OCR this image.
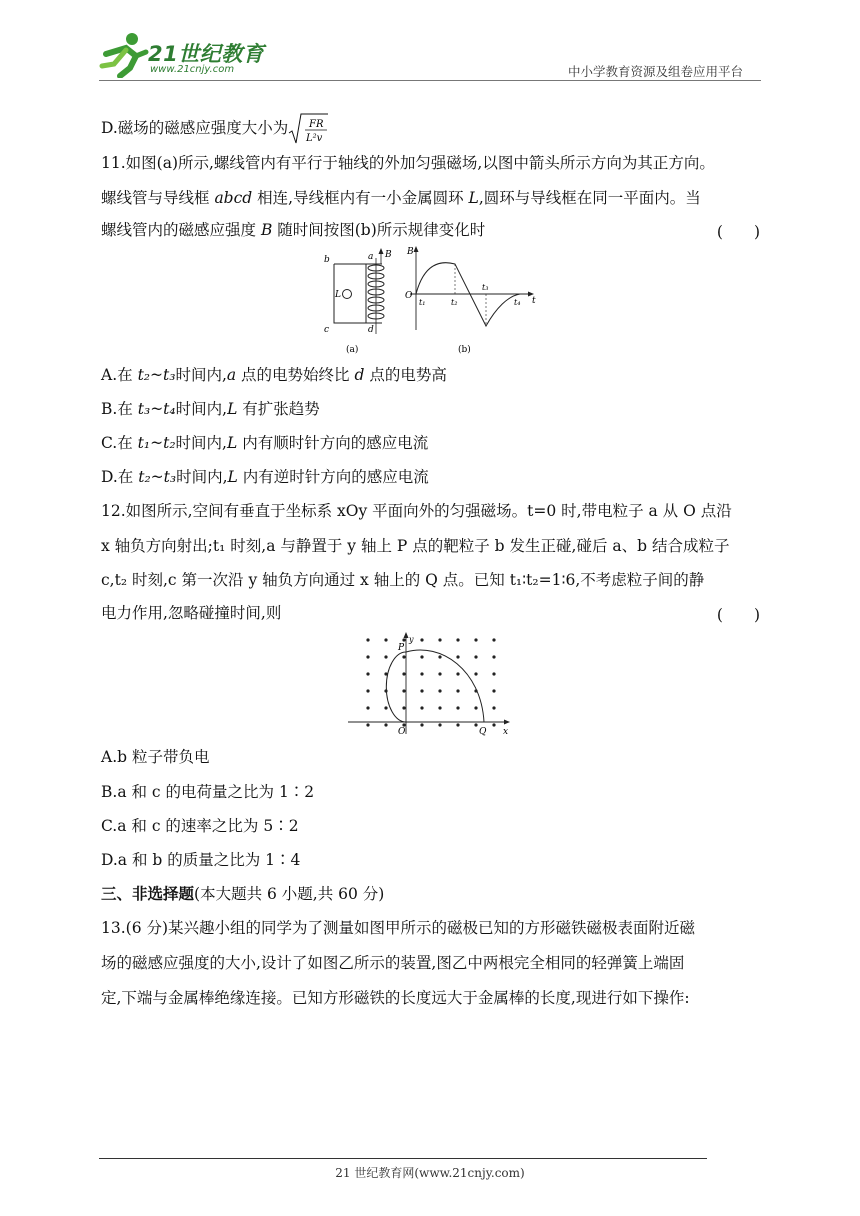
21世纪教育
www.21cnjy.com	中小学教育资源及组卷应用平台
D.磁场的磁感应强度大小为 FR
L²v
11.如图(a)所示,螺线管内有平行于轴线的外加匀强磁场,以图中箭头所示方向为其正方向。
螺线管与导线框 abcd 相连,导线框内有一小金属圆环 L,圆环与导线框在同一平面内。当
螺线管内的磁感应强度 B 随时间按图(b)所示规律变化时	(　　)
b	a B
L
c	d
(a)
B
O
t₁	t₂
t₃
t₄ t
(b)
A.在 t₂~t₃时间内,a 点的电势始终比 d 点的电势高
B.在 t₃~t₄时间内,L 有扩张趋势
C.在 t₁~t₂时间内,L 内有顺时针方向的感应电流
D.在 t₂~t₃时间内,L 内有逆时针方向的感应电流
12.如图所示,空间有垂直于坐标系 xOy 平面向外的匀强磁场。t=0 时,带电粒子 a 从 O 点沿
x 轴负方向射出;t₁ 时刻,a 与静置于 y 轴上 P 点的靶粒子 b 发生正碰,碰后 a、b 结合成粒子
c,t₂ 时刻,c 第一次沿 y 轴负方向通过 x 轴上的 Q 点。已知 t₁∶t₂=1∶6,不考虑粒子间的静
电力作用,忽略碰撞时间,则	(　　)
y
P
O	Q x
A.b 粒子带负电
B.a 和 c 的电荷量之比为 1∶2
C.a 和 c 的速率之比为 5∶2
D.a 和 b 的质量之比为 1∶4
三、非选择题(本大题共 6 小题,共 60 分)
13.(6 分)某兴趣小组的同学为了测量如图甲所示的磁极已知的方形磁铁磁极表面附近磁
场的磁感应强度的大小,设计了如图乙所示的装置,图乙中两根完全相同的轻弹簧上端固
定,下端与金属棒绝缘连接。已知方形磁铁的长度远大于金属棒的长度,现进行如下操作:
21 世纪教育网(www.21cnjy.com)
